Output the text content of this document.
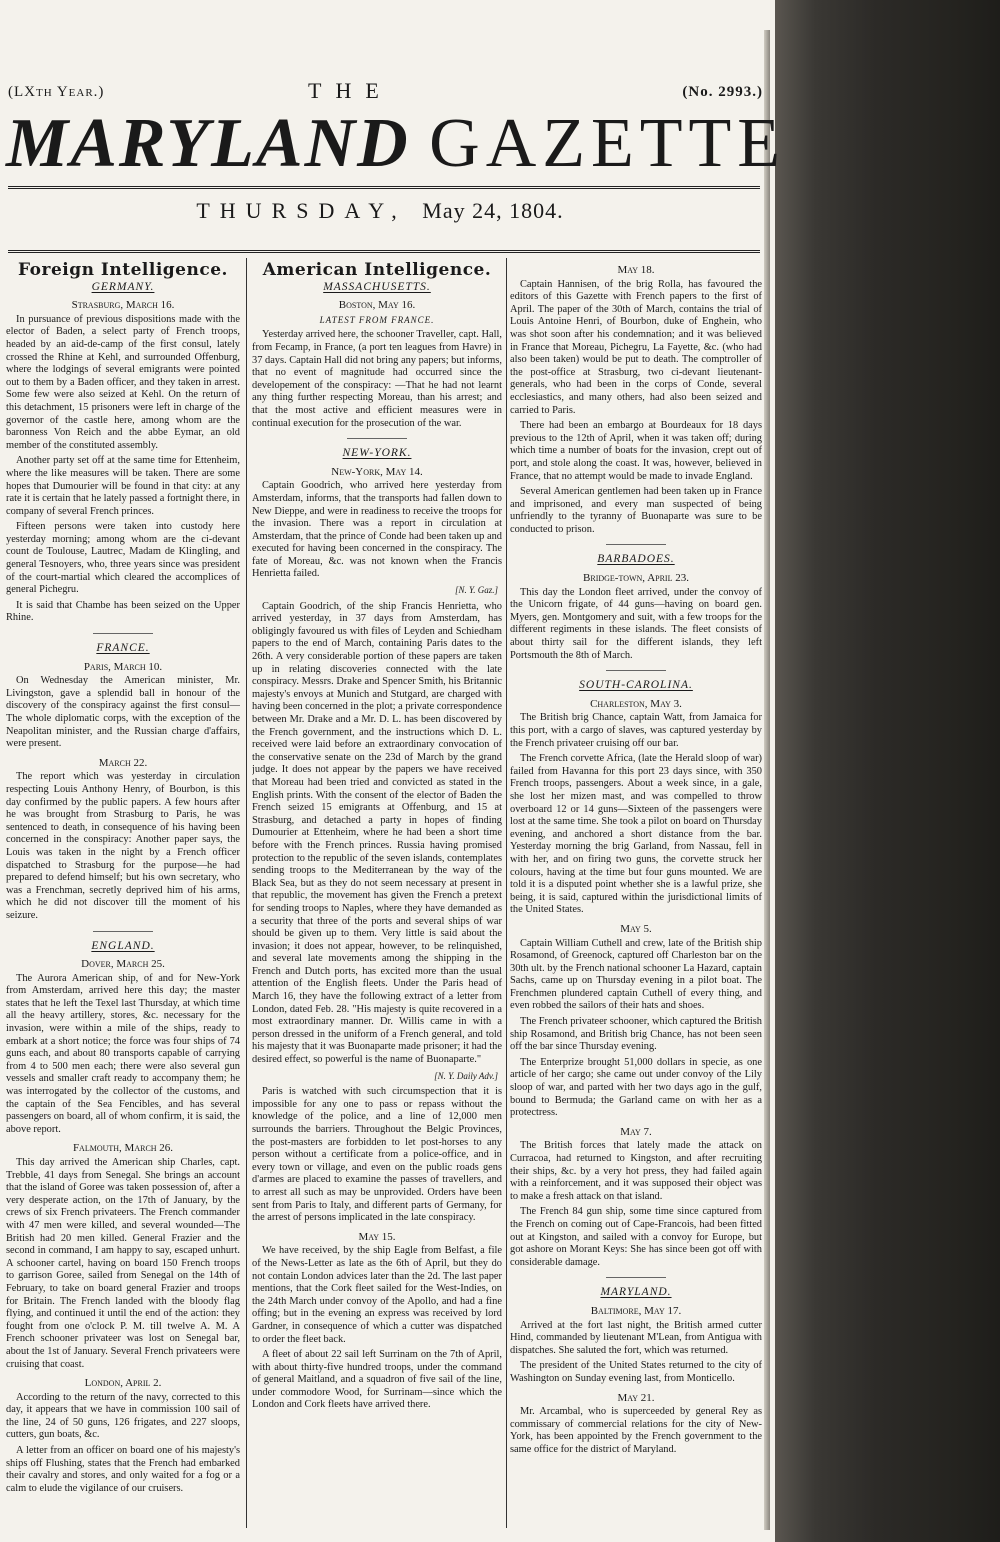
(LXth Year.)	THE	(No. 2993.)
MARYLAND GAZETTE
THURSDAY, May 24, 1804.
Foreign Intelligence.
GERMANY.
Strasburg, March 16.

In pursuance of previous dispositions made with the elector of Baden, a select party of French troops, headed by an aid-de-camp of the first consul, lately crossed the Rhine at Kehl, and surrounded Offenburg, where the lodgings of several emigrants were pointed out to them by a Baden officer, and they taken in arrest. Some few were also seized at Kehl. On the return of this detachment, 15 prisoners were left in charge of the governor of the castle here, among whom are the baronness Von Reich and the abbe Eymar, an old member of the constituted assembly.

Another party set off at the same time for Ettenheim, where the like measures will be taken. There are some hopes that Dumourier will be found in that city: at any rate it is certain that he lately passed a fortnight there, in company of several French princes.

Fifteen persons were taken into custody here yesterday morning; among whom are the ci-devant count de Toulouse, Lautrec, Madam de Klingling, and general Tesnoyers, who, three years since was president of the court-martial which cleared the accomplices of general Pichegru.

It is said that Chambe has been seized on the Upper Rhine.

FRANCE.
Paris, March 10.

On Wednesday the American minister, Mr. Livingston, gave a splendid ball in honour of the discovery of the conspiracy against the first consul—The whole diplomatic corps, with the exception of the Neapolitan minister, and the Russian charge d'affairs, were present.

March 22.

The report which was yesterday in circulation respecting Louis Anthony Henry, of Bourbon, is this day confirmed by the public papers. A few hours after he was brought from Strasburg to Paris, he was sentenced to death, in consequence of his having been concerned in the conspiracy: Another paper says, the Louis was taken in the night by a French officer dispatched to Strasburg for the purpose—he had prepared to defend himself; but his own secretary, who was a Frenchman, secretly deprived him of his arms, which he did not discover till the moment of his seizure.

ENGLAND.
Dover, March 25.

The Aurora American ship, of and for New-York from Amsterdam, arrived here this day; the master states that he left the Texel last Thursday, at which time all the heavy artillery, stores, &c. necessary for the invasion, were within a mile of the ships, ready to embark at a short notice; the force was four ships of 74 guns each, and about 80 transports capable of carrying from 4 to 500 men each; there were also several gun vessels and smaller craft ready to accompany them; he was interrogated by the collector of the customs, and the captain of the Sea Fencibles, and has several passengers on board, all of whom confirm, it is said, the above report.

Falmouth, March 26.

This day arrived the American ship Charles, capt. Trebble, 41 days from Senegal. She brings an account that the island of Goree was taken possession of, after a very desperate action, on the 17th of January, by the crews of six French privateers. The French commander with 47 men were killed, and several wounded—The British had 20 men killed. General Frazier and the second in command, I am happy to say, escaped unhurt. A schooner cartel, having on board 150 French troops to garrison Goree, sailed from Senegal on the 14th of February, to take on board general Frazier and troops for Britain. The French landed with the bloody flag flying, and continued it until the end of the action: they fought from one o'clock P. M. till twelve A. M. A French schooner privateer was lost on Senegal bar, about the 1st of January. Several French privateers were cruising that coast.

London, April 2.

According to the return of the navy, corrected to this day, it appears that we have in commission 100 sail of the line, 24 of 50 guns, 126 frigates, and 227 sloops, cutters, gun boats, &c.

A letter from an officer on board one of his majesty's ships off Flushing, states that the French had embarked their cavalry and stores, and only waited for a fog or a calm to elude the vigilance of our cruisers.

American Intelligence.
MASSACHUSETTS.
Boston, May 16.
LATEST FROM FRANCE.

Yesterday arrived here, the schooner Traveller, capt. Hall, from Fecamp, in France, (a port ten leagues from Havre) in 37 days. Captain Hall did not bring any papers; but informs, that no event of magnitude had occurred since the developement of the conspiracy: —That he had not learnt any thing further respecting Moreau, than his arrest; and that the most active and efficient measures were in continual execution for the prosecution of the war.

NEW-YORK.
New-York, May 14.

Captain Goodrich, who arrived here yesterday from Amsterdam, informs, that the transports had fallen down to New Dieppe, and were in readiness to receive the troops for the invasion. There was a report in circulation at Amsterdam, that the prince of Conde had been taken up and executed for having been concerned in the conspiracy. The fate of Moreau, &c. was not known when the Francis Henrietta failed.

[N. Y. Gaz.]

Captain Goodrich, of the ship Francis Henrietta, who arrived yesterday, in 37 days from Amsterdam, has obligingly favoured us with files of Leyden and Schiedham papers to the end of March, containing Paris dates to the 26th. A very considerable portion of these papers are taken up in relating discoveries connected with the late conspiracy. Messrs. Drake and Spencer Smith, his Britannic majesty's envoys at Munich and Stutgard, are charged with having been concerned in the plot; a private correspondence between Mr. Drake and a Mr. D. L. has been discovered by the French government, and the instructions which D. L. received were laid before an extraordinary convocation of the conservative senate on the 23d of March by the grand judge. It does not appear by the papers we have received that Moreau had been tried and convicted as stated in the English prints. With the consent of the elector of Baden the French seized 15 emigrants at Offenburg, and 15 at Strasburg, and detached a party in hopes of finding Dumourier at Ettenheim, where he had been a short time before with the French princes. Russia having promised protection to the republic of the seven islands, contemplates sending troops to the Mediterranean by the way of the Black Sea, but as they do not seem necessary at present in that republic, the movement has given the French a pretext for sending troops to Naples, where they have demanded as a security that three of the ports and several ships of war should be given up to them. Very little is said about the invasion; it does not appear, however, to be relinquished, and several late movements among the shipping in the French and Dutch ports, has excited more than the usual attention of the English fleets. Under the Paris head of March 16, they have the following extract of a letter from London, dated Feb. 28. "His majesty is quite recovered in a most extraordinary manner. Dr. Willis came in with a person dressed in the uniform of a French general, and told his majesty that it was Buonaparte made prisoner; it had the desired effect, so powerful is the name of Buonaparte."

[N. Y. Daily Adv.]

Paris is watched with such circumspection that it is impossible for any one to pass or repass without the knowledge of the police, and a line of 12,000 men surrounds the barriers. Throughout the Belgic Provinces, the post-masters are forbidden to let post-horses to any person without a certificate from a police-office, and in every town or village, and even on the public roads gens d'armes are placed to examine the passes of travellers, and to arrest all such as may be unprovided. Orders have been sent from Paris to Italy, and different parts of Germany, for the arrest of persons implicated in the late conspiracy.

May 15.

We have received, by the ship Eagle from Belfast, a file of the News-Letter as late as the 6th of April, but they do not contain London advices later than the 2d. The last paper mentions, that the Cork fleet sailed for the West-Indies, on the 24th March under convoy of the Apollo, and had a fine offing; but in the evening an express was received by lord Gardner, in consequence of which a cutter was dispatched to order the fleet back.

A fleet of about 22 sail left Surrinam on the 7th of April, with about thirty-five hundred troops, under the command of general Maitland, and a squadron of five sail of the line, under commodore Wood, for Surrinam—since which the London and Cork fleets have arrived there.

May 18.

Captain Hannisen, of the brig Rolla, has favoured the editors of this Gazette with French papers to the first of April. The paper of the 30th of March, contains the trial of Louis Antoine Henri, of Bourbon, duke of Enghein, who was shot soon after his condemnation; and it was believed in France that Moreau, Pichegru, La Fayette, &c. (who had also been taken) would be put to death. The comptroller of the post-office at Strasburg, two ci-devant lieutenant-generals, who had been in the corps of Conde, several ecclesiastics, and many others, had also been seized and carried to Paris.

There had been an embargo at Bourdeaux for 18 days previous to the 12th of April, when it was taken off; during which time a number of boats for the invasion, crept out of port, and stole along the coast. It was, however, believed in France, that no attempt would be made to invade England.

Several American gentlemen had been taken up in France and imprisoned, and every man suspected of being unfriendly to the tyranny of Buonaparte was sure to be conducted to prison.

BARBADOES.
Bridge-town, April 23.

This day the London fleet arrived, under the convoy of the Unicorn frigate, of 44 guns—having on board gen. Myers, gen. Montgomery and suit, with a few troops for the different regiments in these islands. The fleet consists of about thirty sail for the different islands, they left Portsmouth the 8th of March.

SOUTH-CAROLINA.
Charleston, May 3.

The British brig Chance, captain Watt, from Jamaica for this port, with a cargo of slaves, was captured yesterday by the French privateer cruising off our bar.

The French corvette Africa, (late the Herald sloop of war) failed from Havanna for this port 23 days since, with 350 French troops, passengers. About a week since, in a gale, she lost her mizen mast, and was compelled to throw overboard 12 or 14 guns—Sixteen of the passengers were lost at the same time. She took a pilot on board on Thursday evening, and anchored a short distance from the bar. Yesterday morning the brig Garland, from Nassau, fell in with her, and on firing two guns, the corvette struck her colours, having at the time but four guns mounted. We are told it is a disputed point whether she is a lawful prize, she being, it is said, captured within the jurisdictional limits of the United States.

May 5.

Captain William Cuthell and crew, late of the British ship Rosamond, of Greenock, captured off Charleston bar on the 30th ult. by the French national schooner La Hazard, captain Sachs, came up on Thursday evening in a pilot boat. The Frenchmen plundered captain Cuthell of every thing, and even robbed the sailors of their hats and shoes.

The French privateer schooner, which captured the British ship Rosamond, and British brig Chance, has not been seen off the bar since Thursday evening.

The Enterprize brought 51,000 dollars in specie, as one article of her cargo; she came out under convoy of the Lily sloop of war, and parted with her two days ago in the gulf, bound to Bermuda; the Garland came on with her as a protectress.

May 7.

The British forces that lately made the attack on Curracoa, had returned to Kingston, and after recruiting their ships, &c. by a very hot press, they had failed again with a reinforcement, and it was supposed their object was to make a fresh attack on that island.

The French 84 gun ship, some time since captured from the French on coming out of Cape-Francois, had been fitted out at Kingston, and sailed with a convoy for Europe, but got ashore on Morant Keys: She has since been got off with considerable damage.

MARYLAND.
Baltimore, May 17.

Arrived at the fort last night, the British armed cutter Hind, commanded by lieutenant M'Lean, from Antigua with dispatches. She saluted the fort, which was returned.

The president of the United States returned to the city of Washington on Sunday evening last, from Monticello.

May 21.

Mr. Arcambal, who is superceeded by general Rey as commissary of commercial relations for the city of New-York, has been appointed by the French government to the same office for the district of Maryland.
